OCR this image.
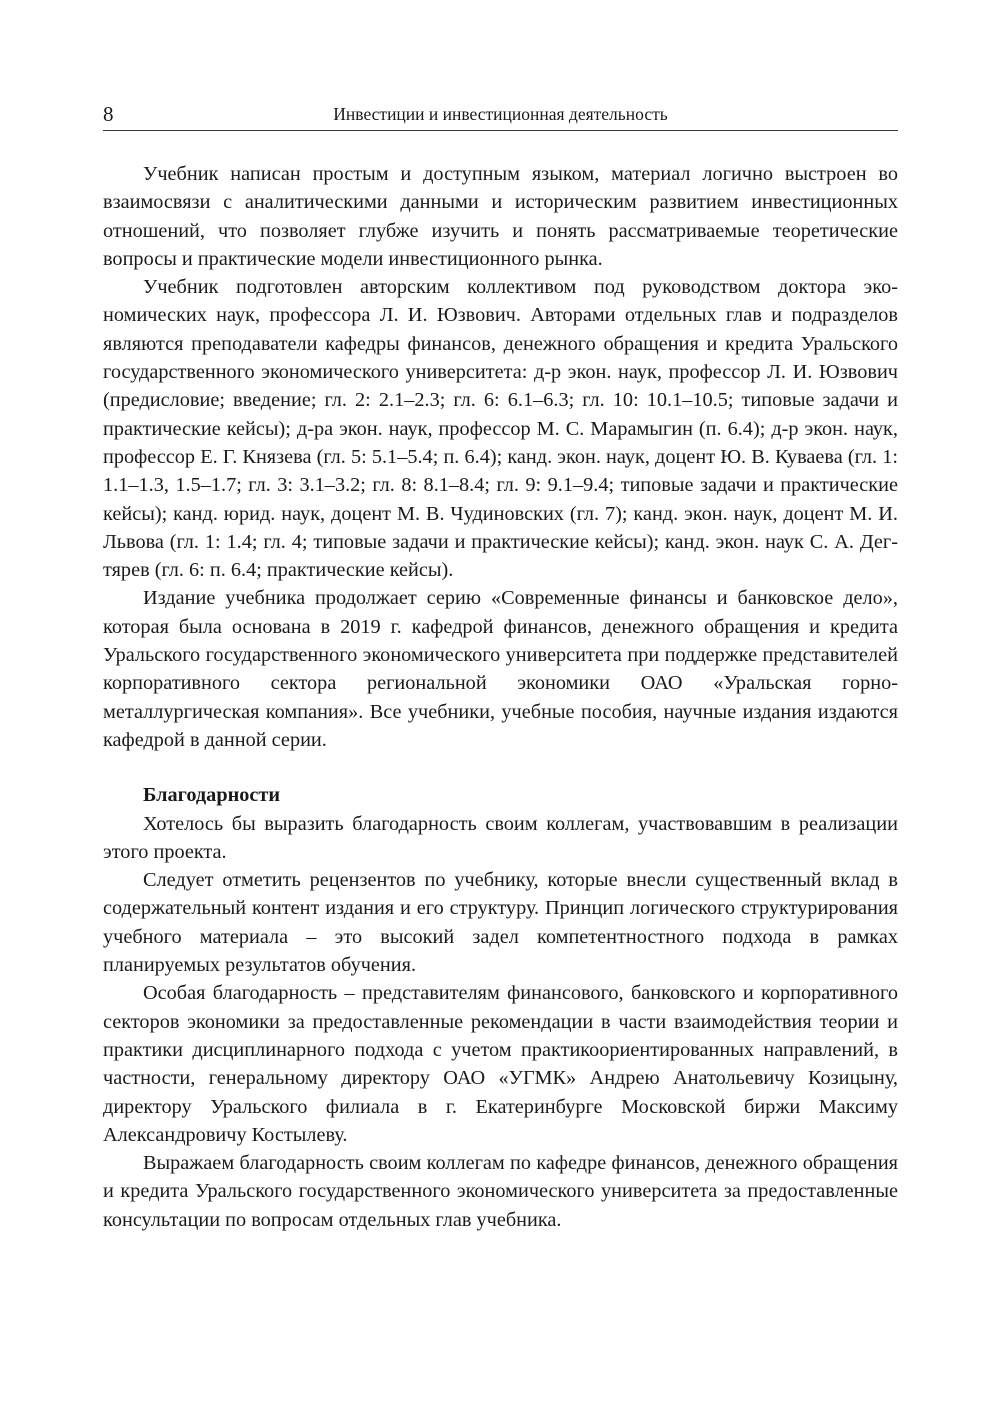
8	Инвестиции и инвестиционная деятельность

Учебник написан простым и доступным языком, материал логично выстроен во взаимосвязи с аналитическими данными и историческим развитием инвестиционных отношений, что позволяет глубже изучить и понять рассматриваемые теоретические вопросы и практические модели инвестиционного рынка.

Учебник подготовлен авторским коллективом под руководством доктора экономических наук, профессора Л. И. Юзвович. Авторами отдельных глав и подразделов являются преподаватели кафедры финансов, денежного обращения и кредита Уральского государственного экономического университета: д-р экон. наук, профессор Л. И. Юзвович (предисловие; введение; гл. 2: 2.1–2.3; гл. 6: 6.1–6.3; гл. 10: 10.1–10.5; типовые задачи и практические кейсы); д-ра экон. наук, профессор М. С. Марамыгин (п. 6.4); д-р экон. наук, профессор Е. Г. Князева (гл. 5: 5.1–5.4; п. 6.4); канд. экон. наук, доцент Ю. В. Куваева (гл. 1: 1.1–1.3, 1.5–1.7; гл. 3: 3.1–3.2; гл. 8: 8.1–8.4; гл. 9: 9.1–9.4; типовые задачи и практические кейсы); канд. юрид. наук, доцент М. В. Чудиновских (гл. 7); канд. экон. наук, доцент М. И. Львова (гл. 1: 1.4; гл. 4; типовые задачи и практические кейсы); канд. экон. наук С. А. Дегтярев (гл. 6: п. 6.4; практические кейсы).

Издание учебника продолжает серию «Современные финансы и банковское дело», которая была основана в 2019 г. кафедрой финансов, денежного обращения и кредита Уральского государственного экономического университета при поддержке представителей корпоративного сектора региональной экономики ОАО «Уральская горно-металлургическая компания». Все учебники, учебные пособия, научные издания издаются кафедрой в данной серии.

Благодарности

Хотелось бы выразить благодарность своим коллегам, участвовавшим в реализации этого проекта.

Следует отметить рецензентов по учебнику, которые внесли существенный вклад в содержательный контент издания и его структуру. Принцип логического структурирования учебного материала – это высокий задел компетентностного подхода в рамках планируемых результатов обучения.

Особая благодарность – представителям финансового, банковского и корпоративного секторов экономики за предоставленные рекомендации в части взаимодействия теории и практики дисциплинарного подхода с учетом практикоориентированных направлений, в частности, генеральному директору ОАО «УГМК» Андрею Анатольевичу Козицыну, директору Уральского филиала в г. Екатеринбурге Московской биржи Максиму Александровичу Костылеву.

Выражаем благодарность своим коллегам по кафедре финансов, денежного обращения и кредита Уральского государственного экономического университета за предоставленные консультации по вопросам отдельных глав учебника.
